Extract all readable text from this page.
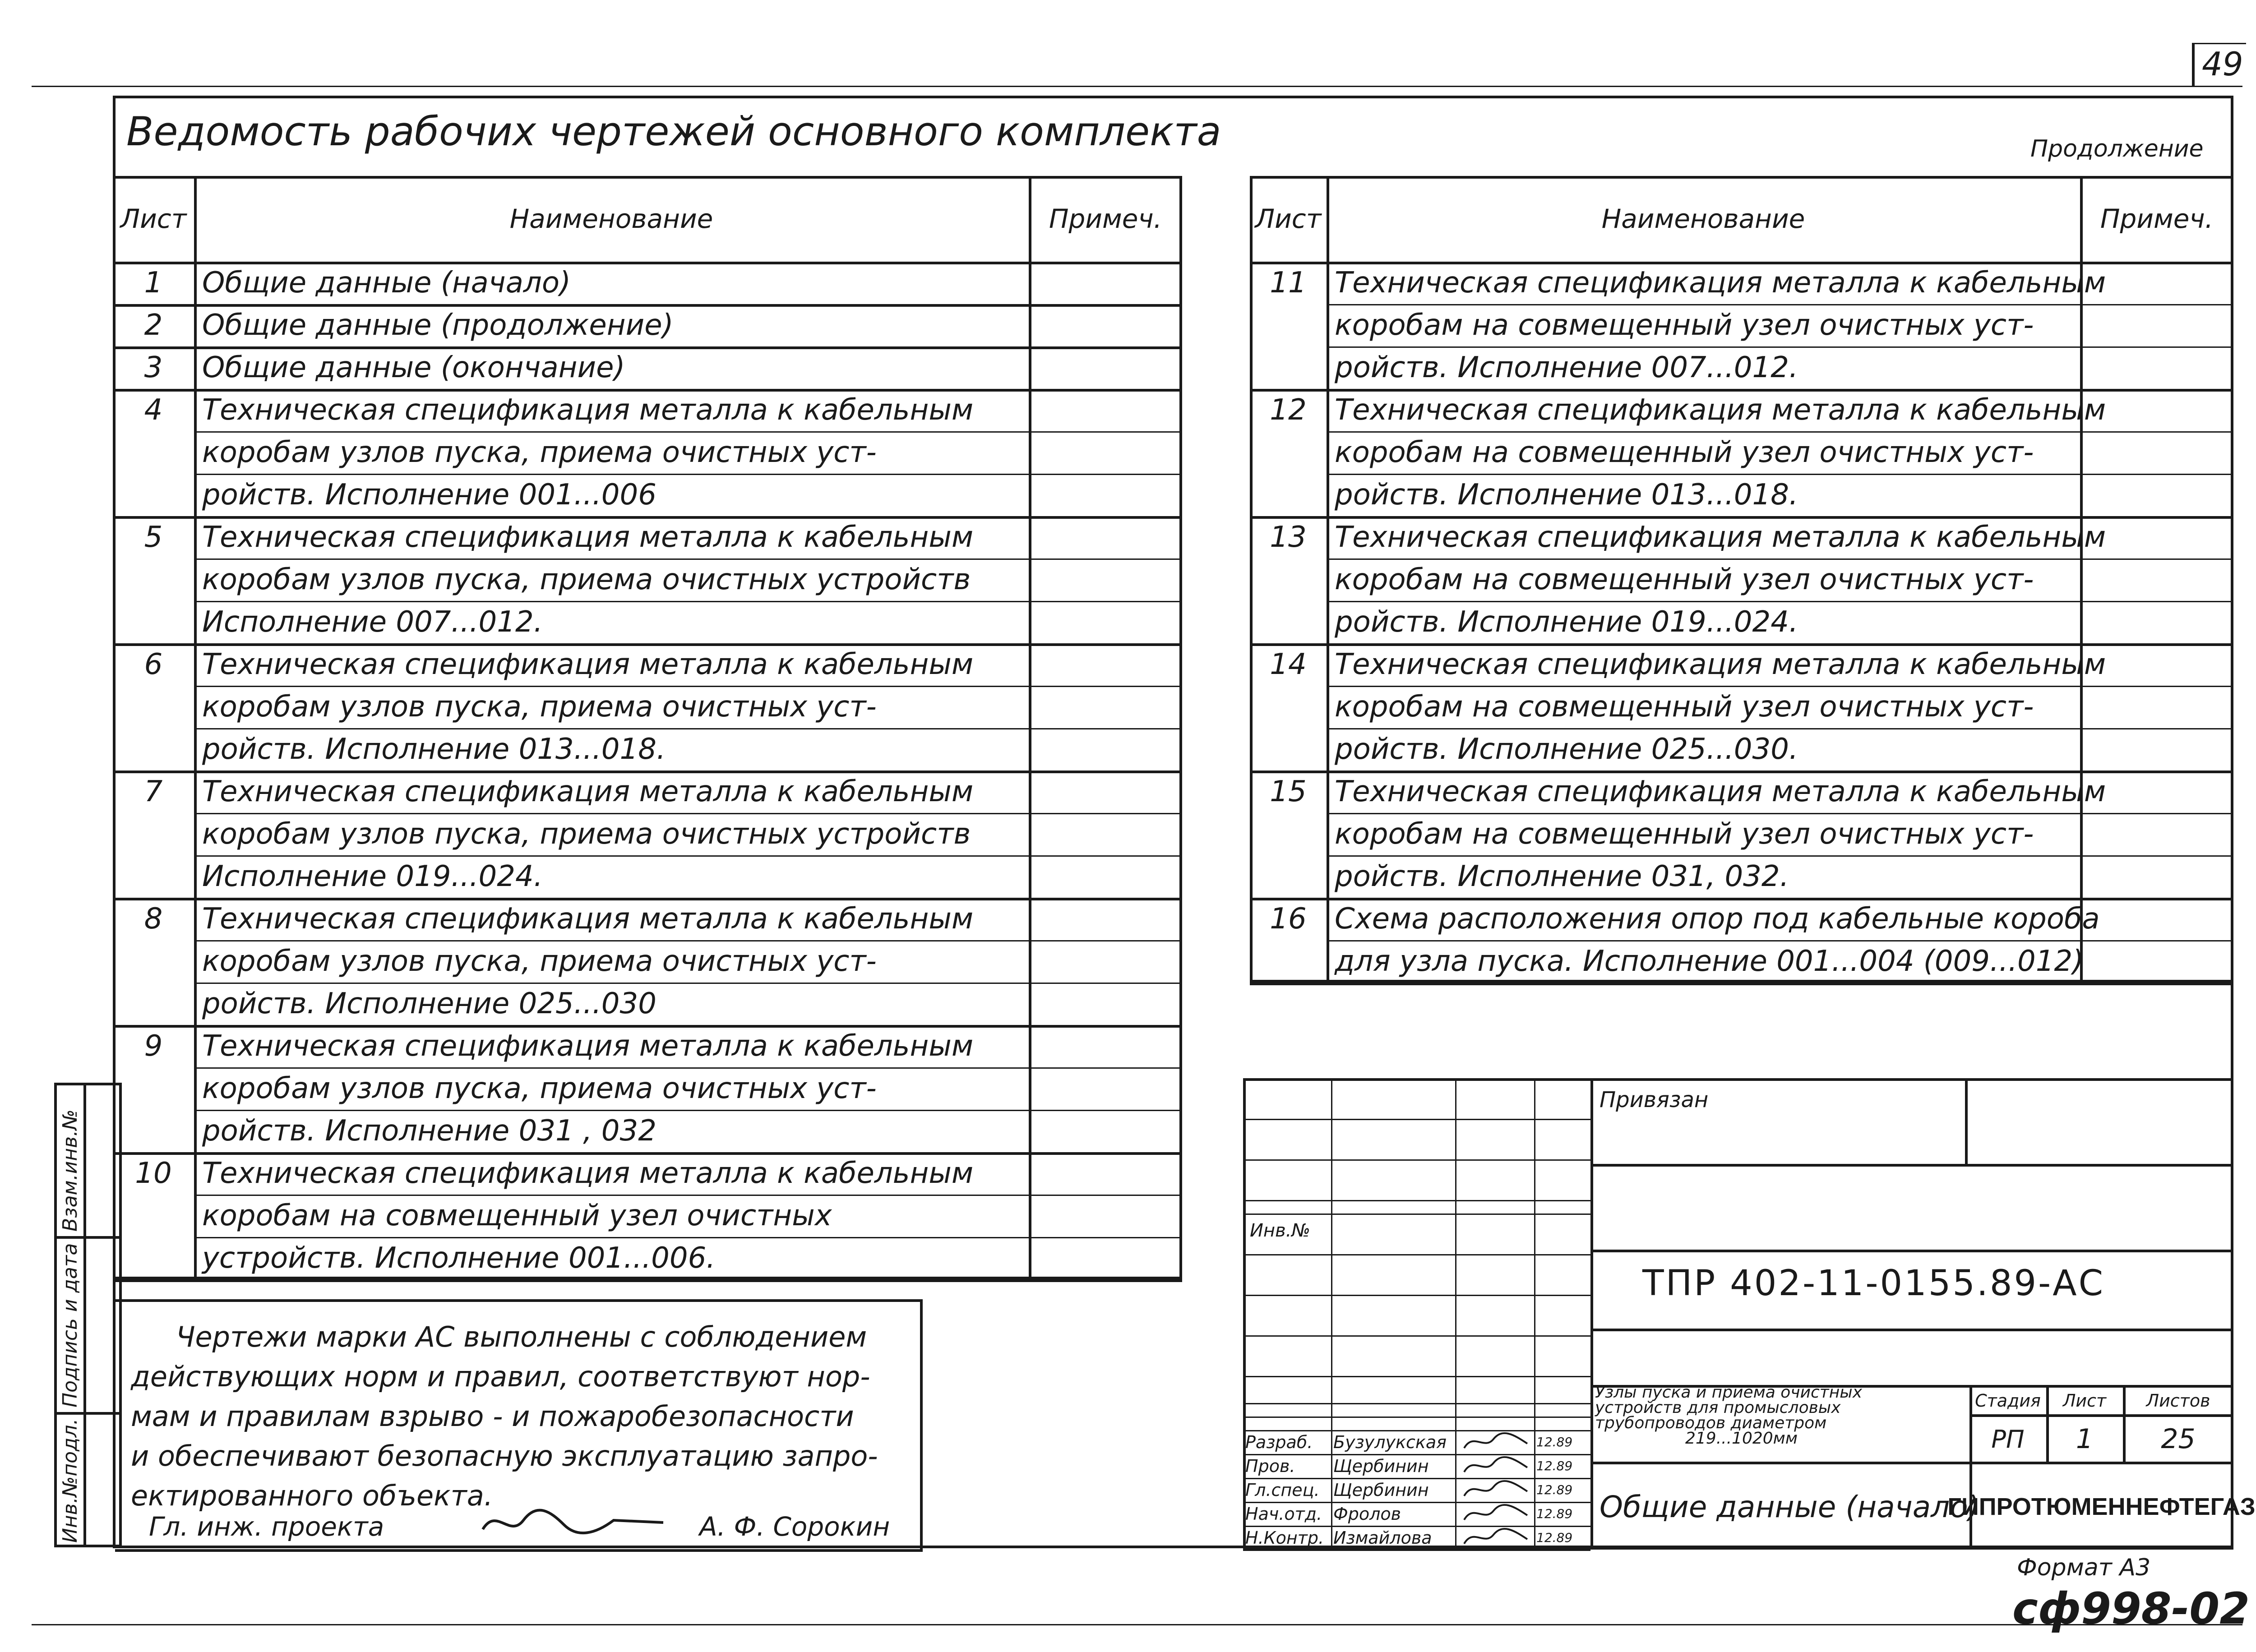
49
Ведомость рабочих чертежей основного комплекта	Продолжение
Лист	Наименование	Примеч.
1	Общие данные (начало)
2	Общие данные (продолжение)
3	Общие данные (окончание)
4	Техническая спецификация металла к кабельным
коробам узлов пуска, приема очистных уст-
ройств. Исполнение 001...006
5	Техническая спецификация металла к кабельным
коробам узлов пуска, приема очистных устройств
Исполнение 007...012.
6	Техническая спецификация металла к кабельным
коробам узлов пуска, приема очистных уст-
ройств. Исполнение 013...018.
7	Техническая спецификация металла к кабельным
коробам узлов пуска, приема очистных устройств
Исполнение 019...024.
8	Техническая спецификация металла к кабельным
коробам узлов пуска, приема очистных уст-
ройств. Исполнение 025...030
9	Техническая спецификация металла к кабельным
коробам узлов пуска, приема очистных уст-
ройств. Исполнение 031 , 032
10	Техническая спецификация металла к кабельным
коробам на совмещенный узел очистных
устройств. Исполнение 001...006.
Лист	Наименование	Примеч.
11 Техническая спецификация металла к кабельным
коробам на совмещенный узел очистных уст-
ройств. Исполнение 007...012.
12 Техническая спецификация металла к кабельным
коробам на совмещенный узел очистных уст-
ройств. Исполнение 013...018.
13 Техническая спецификация металла к кабельным
коробам на совмещенный узел очистных уст-
ройств. Исполнение 019...024.
14 Техническая спецификация металла к кабельным
коробам на совмещенный узел очистных уст-
ройств. Исполнение 025...030.
15 Техническая спецификация металла к кабельным
коробам на совмещенный узел очистных уст-
ройств. Исполнение 031, 032.
16 Схема расположения опор под кабельные короба
для узла пуска. Исполнение 001...004 (009...012)
Чертежи марки АС выполнены с соблюдением
действующих норм и правил, соответствуют нор-
мам и правилам взрыво - и пожаробезопасности
и обеспечивают безопасную эксплуатацию запро-
ектированного объекта.
Гл. инж. проекта	А. Ф. Сорокин
Инв.№подл.
Подпись и дата
Взам.инв.№	Инв.№
Привязан
ТПР 402-11-0155.89-АС
Узлы пуска и приема очистных
устройств для промысловых
трубопроводов диаметром
219...1020мм
Стадия	Лист	Листов
РП	1	25
Общие данные (начало)
ГИПРОТЮМЕННЕФТЕГАЗ
Разраб.	Бузулукская	12.89
Пров.	Щербинин	12.89
Гл.спец. Щербинин	12.89
Нач.отд. Фролов	12.89
Н.Контр. Измайлова	12.89
Формат А3
сф998-02
